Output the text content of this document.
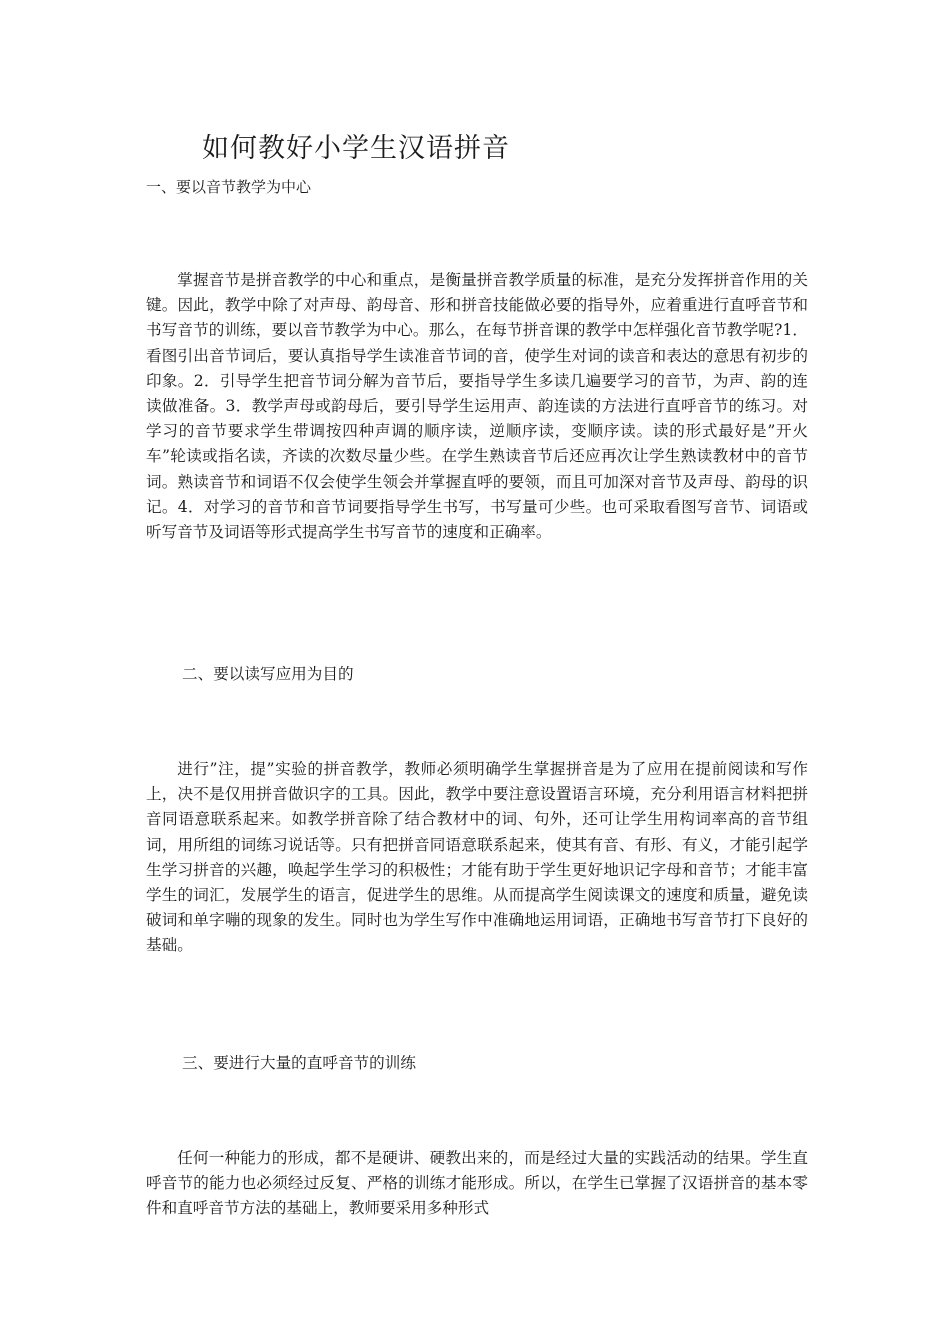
如何教好小学生汉语拼音

一、要以音节教学为中心

掌握音节是拼音教学的中心和重点，是衡量拼音教学质量的标准，是充分发挥拼音作用的关键。因此，教学中除了对声母、韵母音、形和拼音技能做必要的指导外，应着重进行直呼音节和书写音节的训练，要以音节教学为中心。那么，在每节拼音课的教学中怎样强化音节教学呢?1．看图引出音节词后，要认真指导学生读准音节词的音，使学生对词的读音和表达的意思有初步的印象。2．引导学生把音节词分解为音节后，要指导学生多读几遍要学习的音节，为声、韵的连读做准备。3．教学声母或韵母后，要引导学生运用声、韵连读的方法进行直呼音节的练习。对学习的音节要求学生带调按四种声调的顺序读，逆顺序读，变顺序读。读的形式最好是”开火车”轮读或指名读，齐读的次数尽量少些。在学生熟读音节后还应再次让学生熟读教材中的音节词。熟读音节和词语不仅会使学生领会并掌握直呼的要领，而且可加深对音节及声母、韵母的识记。4．对学习的音节和音节词要指导学生书写，书写量可少些。也可采取看图写音节、词语或听写音节及词语等形式提高学生书写音节的速度和正确率。

二、要以读写应用为目的

进行”注，提”实验的拼音教学，教师必须明确学生掌握拼音是为了应用在提前阅读和写作上，决不是仅用拼音做识字的工具。因此，教学中要注意设置语言环境，充分利用语言材料把拼音同语意联系起来。如教学拼音除了结合教材中的词、句外，还可让学生用构词率高的音节组词，用所组的词练习说话等。只有把拼音同语意联系起来，使其有音、有形、有义，才能引起学生学习拼音的兴趣，唤起学生学习的积极性；才能有助于学生更好地识记字母和音节；才能丰富学生的词汇，发展学生的语言，促进学生的思维。从而提高学生阅读课文的速度和质量，避免读破词和单字嘣的现象的发生。同时也为学生写作中准确地运用词语，正确地书写音节打下良好的基础。

三、要进行大量的直呼音节的训练

任何一种能力的形成，都不是硬讲、硬教出来的，而是经过大量的实践活动的结果。学生直呼音节的能力也必须经过反复、严格的训练才能形成。所以，在学生已掌握了汉语拼音的基本零件和直呼音节方法的基础上，教师要采用多种形式
